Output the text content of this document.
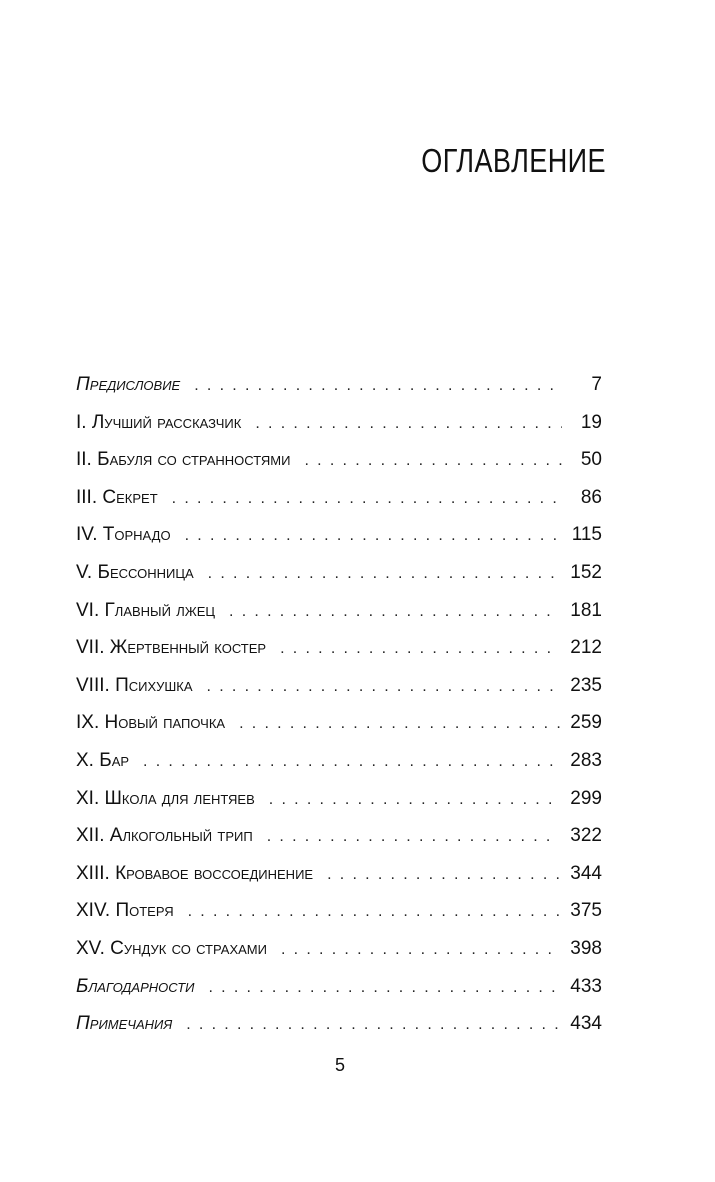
ОГЛАВЛЕНИЕ
Предисловие . . .	7
I. Лучший рассказчик . . .	19
II. Бабуля со странностями . . .	50
III. Секрет . . .	86
IV. Торнадо . . .	115
V. Бессонница . . .	152
VI. Главный лжец . . .	181
VII. Жертвенный костер . . .	212
VIII. Психушка . . .	235
IX. Новый папочка . . .	259
X. Бар . . .	283
XI. Школа для лентяев . . .	299
XII. Алкогольный трип . . .	322
XIII. Кровавое воссоединение . . .	344
XIV. Потеря . . .	375
XV. Сундук со страхами . . .	398
Благодарности . . .	433
Примечания . . .	434
5
